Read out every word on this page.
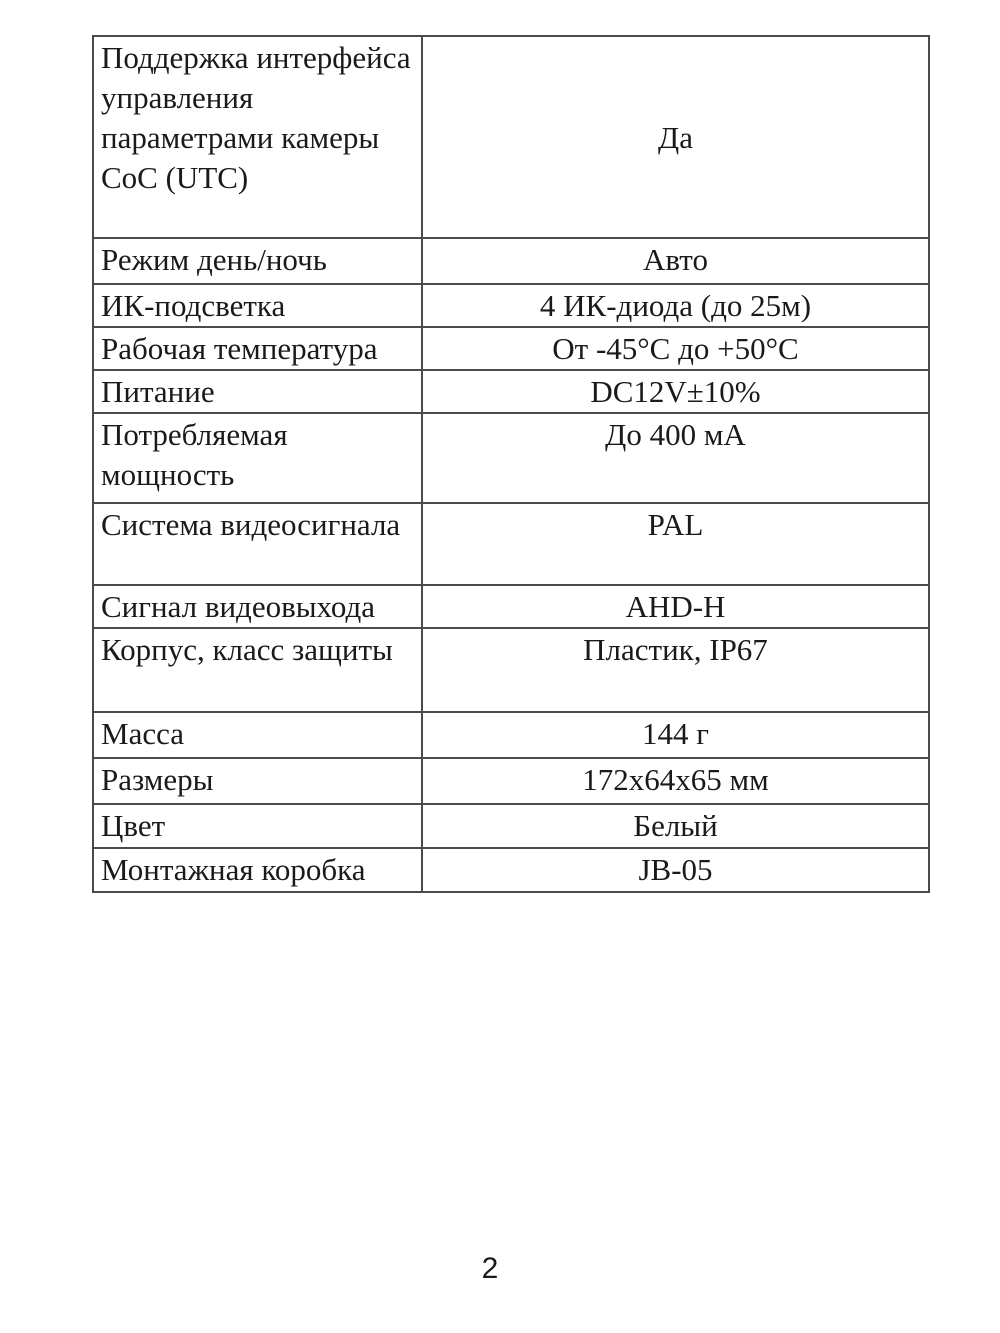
Поддержка интерфейса управления параметрами камеры CoC (UTC)	Да
Режим день/ночь	Авто
ИК-подсветка	4 ИК-диода (до 25м)
Рабочая температура	От -45°C до +50°C
Питание	DC12V±10%
Потребляемая мощность	До 400 мА
Система видеосигнала	PAL
Сигнал видеовыхода	AHD-H
Корпус, класс защиты	Пластик, IP67
Масса	144 г
Размеры	172x64x65 мм
Цвет	Белый
Монтажная коробка	JB-05
2
